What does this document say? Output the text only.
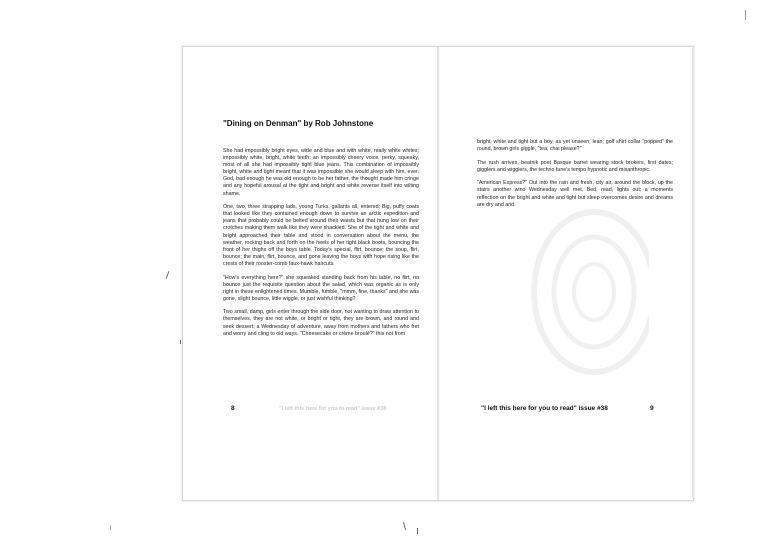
"Dining on Denman" by Rob Johnstone

She had impossibly bright eyes, wide and blue and with white, really white whites; impossibly white, bright, white teeth; an impossibly cheery voice, perky, squeaky, most of all she had impossibly tight blue jeans. This combination of impossibly bright, white and tight meant that it was impossible she would sleep with him, ever. God, bad enough he was old enough to be her father, the thought made him cringe and any hopeful arousal at the tight and bright and white reverse itself into wilting shame.

One, two, three strapping lads, young Turks, gallants all, entered; Big, puffy coats that looked like they contained enough down to survive an arctic expedition and jeans that probably could be belted around their waists but that hung low on their crotches making them walk like they were shackled. She of the tight and white and bright approached their table and stood in conversation about the menu, the weather, rocking back and forth on the heels of her tight black boots, bouncing the front of her thighs off the boys table. Today's special, flirt, bounce; the soup, flirt, bounce; the main, flirt, bounce, and gone leaving the boys with hope rising like the crests of their rooster-comb faux-hawk haircuts.

"How's everything here?" she squeaked standing back from his table, no flirt, no bounce just the requisite question about the salad, which was organic as is only right in these enlightened times. Mumble, fumble, "mmm, fine, thanks" and she was gone, slight bounce, little wiggle, or just wishful thinking?

Two small, damp, girls enter through the side door, not wanting to draw attention to themselves, they are not white, or bright or tight, they are brown, and round and seek dessert; a Wednesday of adventure, away from mothers and fathers who fret and worry and cling to old ways. "Cheesecake or crème broulé?" this not from

8	"I left this here for you to read" issue #38

bright, white and tight but a boy, as yet unseen; lean; golf shirt collar "popped" the round, brown girls giggle, "tea, chai please?"

The rush arrives, beatnik poet Basque barret wearing stock brokers, first dates; gigglers and wigglers, the techno tune's tempo hypnotic and misanthropic.

"American Express?" Out into the rain and fresh, city air, around the block, up the stairs another wino Wednesday well met. Bed, read, lights out; a moments reflection on the bright and white and tight but sleep overcomes desire and dreams are dry and arid.

"I left this here for you to read" issue #38	9
